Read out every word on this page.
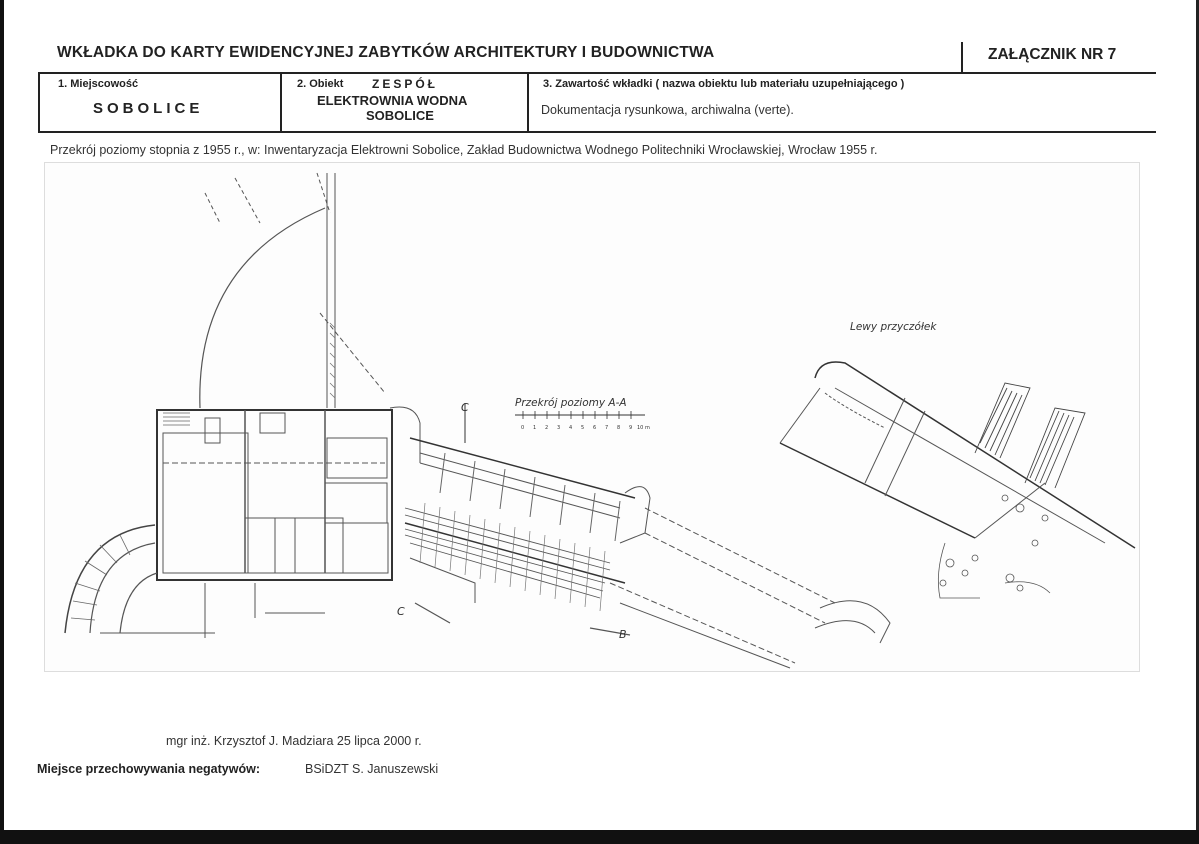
WKŁADKA DO KARTY EWIDENCYJNEJ ZABYTKÓW ARCHITEKTURY I BUDOWNICTWA	ZAŁĄCZNIK NR 7
1. Miejscowość
SOBOLICE
2. Obiekt ZESPÓŁ
ELEKTROWNIA WODNA
SOBOLICE
3. Zawartość wkładki ( nazwa obiektu lub materiału uzupełniającego )
Dokumentacja rysunkowa, archiwalna (verte).
Przekrój poziomy stopnia z 1955 r., w: Inwentaryzacja Elektrowni Sobolice, Zakład Budownictwa Wodnego Politechniki Wrocławskiej, Wrocław 1955 r.
0 1 2 3 4 5 6 7 8 9 10 m
Przekrój poziomy A-A
Lewy przyczółek
C
C
B
mgr inż. Krzysztof J. Madziara 25 lipca 2000 r.
Miejsce przechowywania negatywów:	BSiDZT S. Januszewski
